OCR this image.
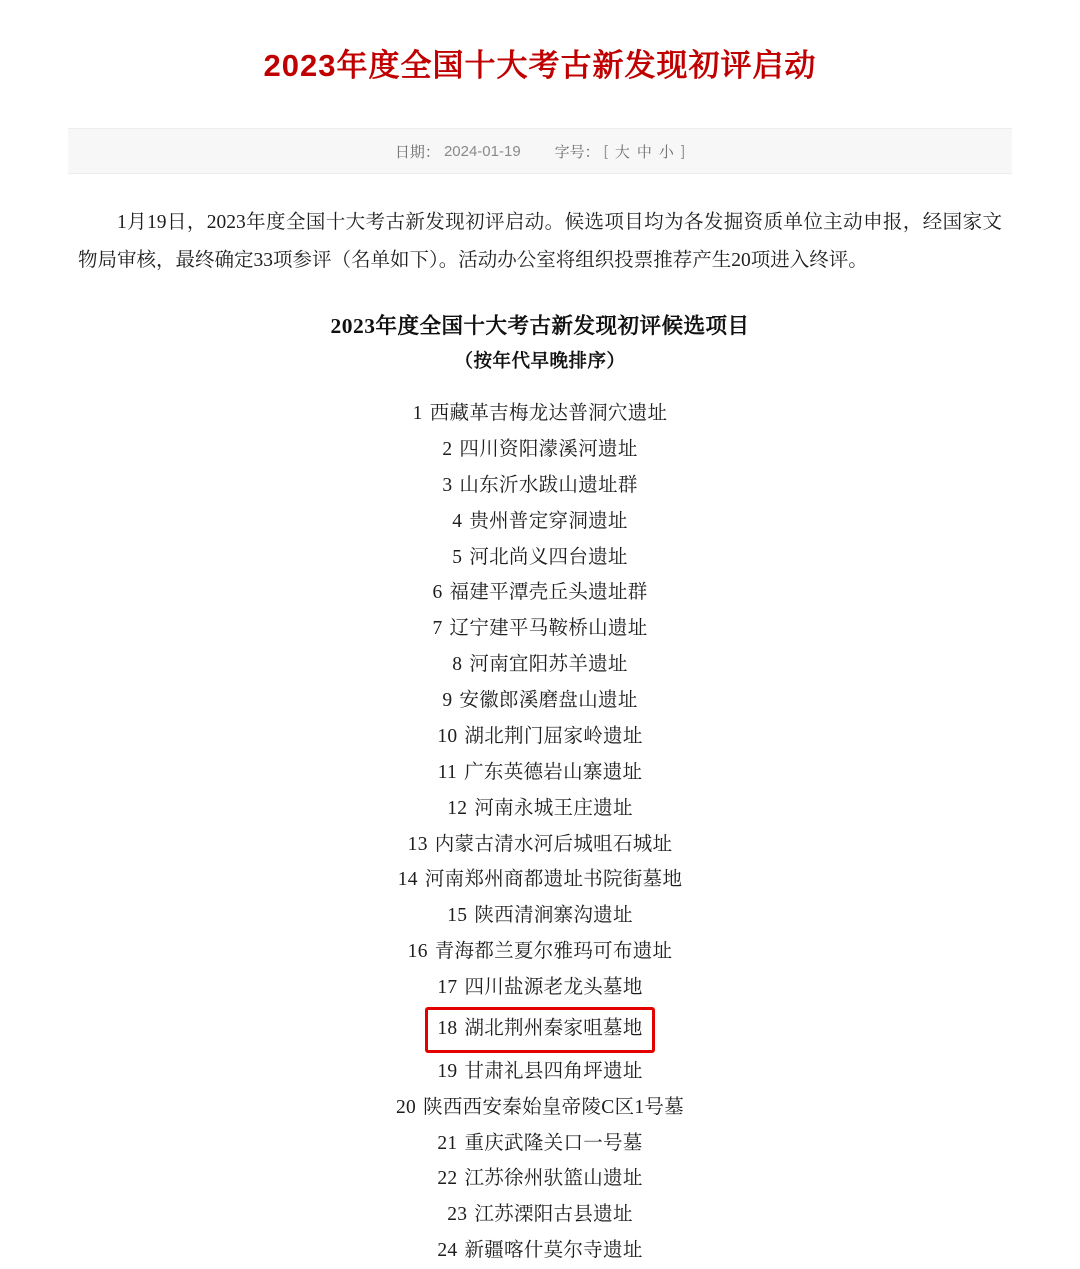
2023年度全国十大考古新发现初评启动
日期： 2024-01-19 字号： [ 大 中 小 ]

1月19日，2023年度全国十大考古新发现初评启动。候选项目均为各发掘资质单位主动申报，经国家文物局审核，最终确定33项参评（名单如下）。活动办公室将组织投票推荐产生20项进入终评。

2023年度全国十大考古新发现初评候选项目
（按年代早晚排序）
1 西藏革吉梅龙达普洞穴遗址
2 四川资阳濛溪河遗址
3 山东沂水跋山遗址群
4 贵州普定穿洞遗址
5 河北尚义四台遗址
6 福建平潭壳丘头遗址群
7 辽宁建平马鞍桥山遗址
8 河南宜阳苏羊遗址
9 安徽郎溪磨盘山遗址
10 湖北荆门屈家岭遗址
11 广东英德岩山寨遗址
12 河南永城王庄遗址
13 内蒙古清水河后城咀石城址
14 河南郑州商都遗址书院街墓地
15 陕西清涧寨沟遗址
16 青海都兰夏尔雅玛可布遗址
17 四川盐源老龙头墓地
18 湖北荆州秦家咀墓地
19 甘肃礼县四角坪遗址
20 陕西西安秦始皇帝陵C区1号墓
21 重庆武隆关口一号墓
22 江苏徐州驮篮山遗址
23 江苏溧阳古县遗址
24 新疆喀什莫尔寺遗址
